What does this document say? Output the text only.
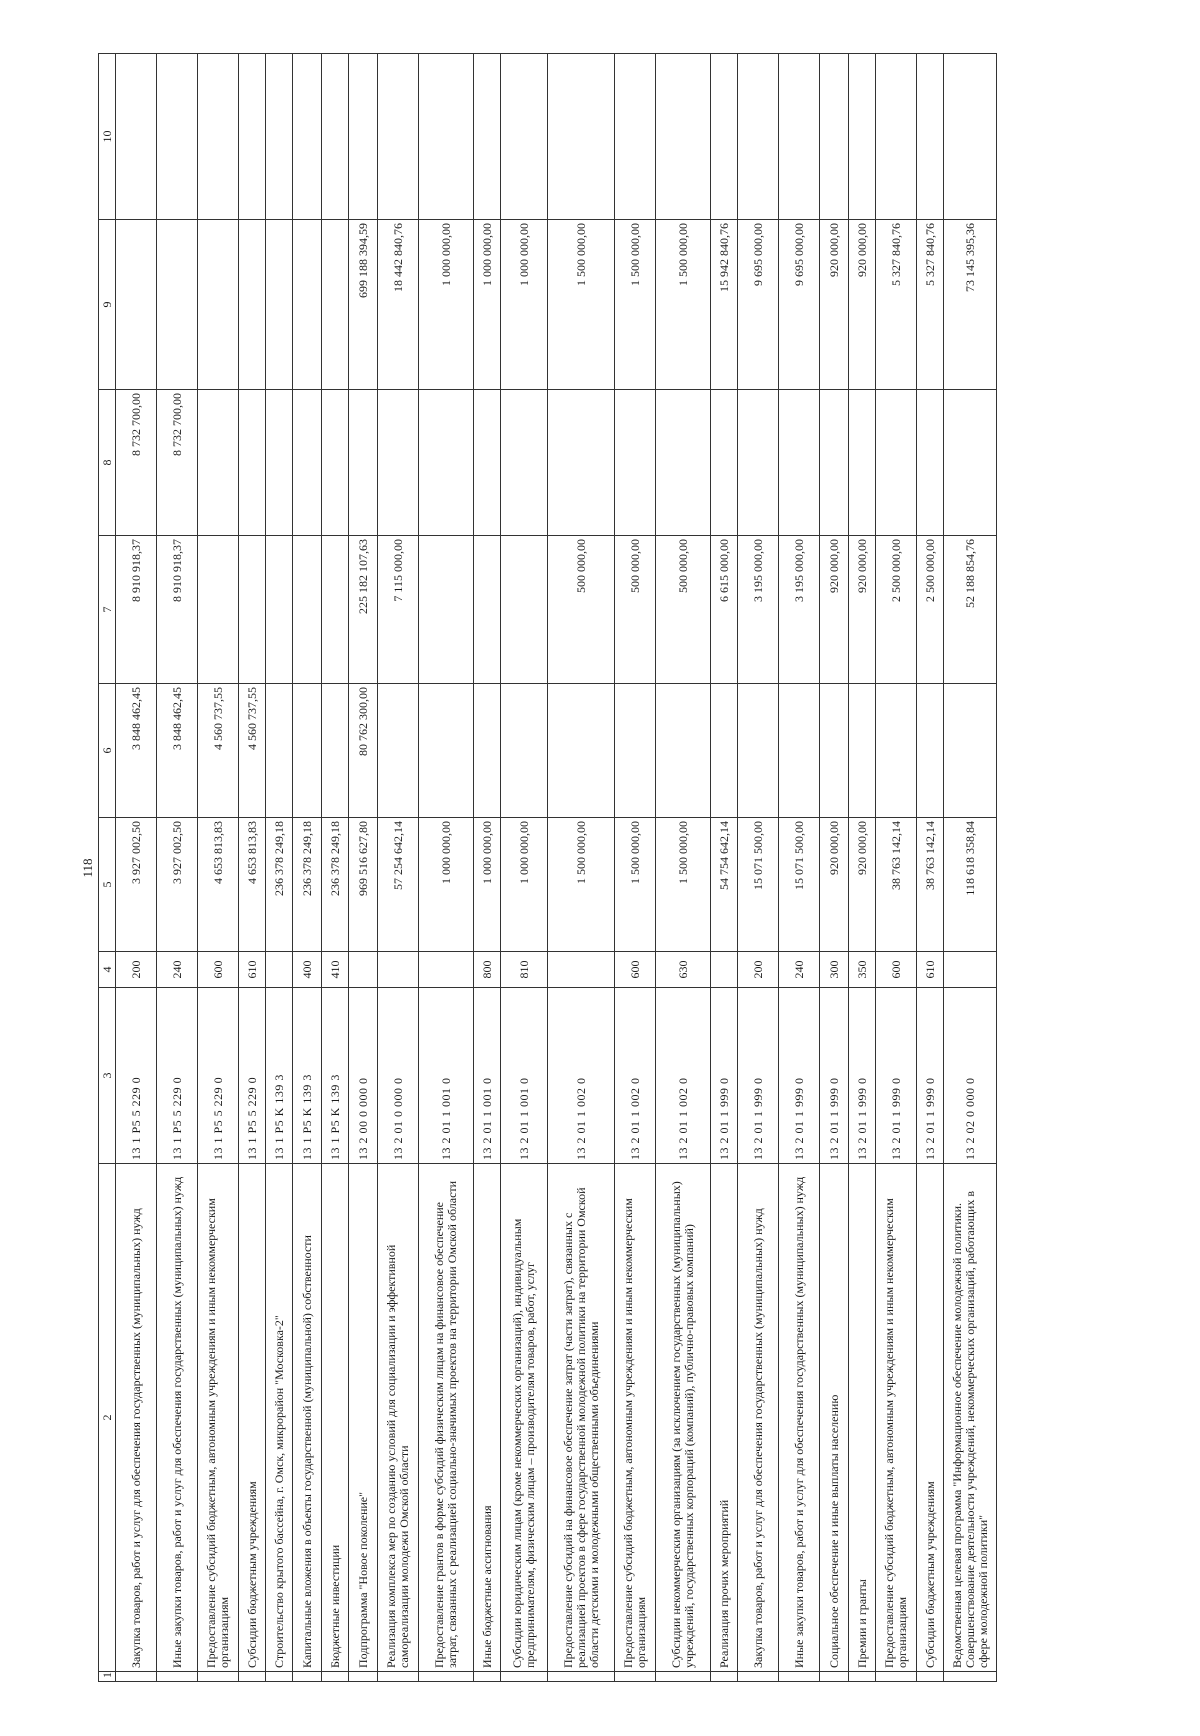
118
1	2	3	4	5	6	7	8	9	10
	Закупка товаров, работ и услуг для обеспечения государственных (муниципальных) нужд	13 1 P5 5 229 0	200	3 927 002,50	3 848 462,45	8 910 918,37	8 732 700,00		
	Иные закупки товаров, работ и услуг для обеспечения государственных (муниципальных) нужд	13 1 P5 5 229 0	240	3 927 002,50	3 848 462,45	8 910 918,37	8 732 700,00		
	Предоставление субсидий бюджетным, автономным учреждениям и иным некоммерческим организациям	13 1 P5 5 229 0	600	4 653 813,83	4 560 737,55				
	Субсидии бюджетным учреждениям	13 1 P5 5 229 0	610	4 653 813,83	4 560 737,55				
	Строительство крытого бассейна, г. Омск, микрорайон "Московка-2"	13 1 P5 K 139 3		236 378 249,18					
	Капитальные вложения в объекты государственной (муниципальной) собственности	13 1 P5 K 139 3	400	236 378 249,18					
	Бюджетные инвестиции	13 1 P5 K 139 3	410	236 378 249,18					
	Подпрограмма "Новое поколение"	13 2 00 0 000 0		969 516 627,80	80 762 300,00	225 182 107,63		699 188 394,59	
	Реализация комплекса мер по созданию условий для социализации и эффективной самореализации молодежи Омской области	13 2 01 0 000 0		57 254 642,14		7 115 000,00		18 442 840,76	
	Предоставление грантов в форме субсидий физическим лицам на финансовое обеспечение затрат, связанных с реализацией социально-значимых проектов на территории Омской области	13 2 01 1 001 0		1 000 000,00				1 000 000,00	
	Иные бюджетные ассигнования	13 2 01 1 001 0	800	1 000 000,00				1 000 000,00	
	Субсидии юридическим лицам (кроме некоммерческих организаций), индивидуальным предпринимателям, физическим лицам – производителям товаров, работ, услуг	13 2 01 1 001 0	810	1 000 000,00				1 000 000,00	
	Предоставление субсидий на финансовое обеспечение затрат (части затрат), связанных с реализацией проектов в сфере государственной молодежной политики на территории Омской области детскими и молодежными общественными объединениями	13 2 01 1 002 0		1 500 000,00		500 000,00		1 500 000,00	
	Предоставление субсидий бюджетным, автономным учреждениям и иным некоммерческим организациям	13 2 01 1 002 0	600	1 500 000,00		500 000,00		1 500 000,00	
	Субсидии некоммерческим организациям (за исключением государственных (муниципальных) учреждений, государственных корпораций (компаний), публично-правовых компаний)	13 2 01 1 002 0	630	1 500 000,00		500 000,00		1 500 000,00	
	Реализация прочих мероприятий	13 2 01 1 999 0		54 754 642,14		6 615 000,00		15 942 840,76	
	Закупка товаров, работ и услуг для обеспечения государственных (муниципальных) нужд	13 2 01 1 999 0	200	15 071 500,00		3 195 000,00		9 695 000,00	
	Иные закупки товаров, работ и услуг для обеспечения государственных (муниципальных) нужд	13 2 01 1 999 0	240	15 071 500,00		3 195 000,00		9 695 000,00	
	Социальное обеспечение и иные выплаты населению	13 2 01 1 999 0	300	920 000,00		920 000,00		920 000,00	
	Премии и гранты	13 2 01 1 999 0	350	920 000,00		920 000,00		920 000,00	
	Предоставление субсидий бюджетным, автономным учреждениям и иным некоммерческим организациям	13 2 01 1 999 0	600	38 763 142,14		2 500 000,00		5 327 840,76	
	Субсидии бюджетным учреждениям	13 2 01 1 999 0	610	38 763 142,14		2 500 000,00		5 327 840,76	
	Ведомственная целевая программа "Информационное обеспечение молодежной политики. Совершенствование деятельности учреждений, некоммерческих организаций, работающих в сфере молодежной политики"	13 2 02 0 000 0		118 618 358,84		52 188 854,76		73 145 395,36	
